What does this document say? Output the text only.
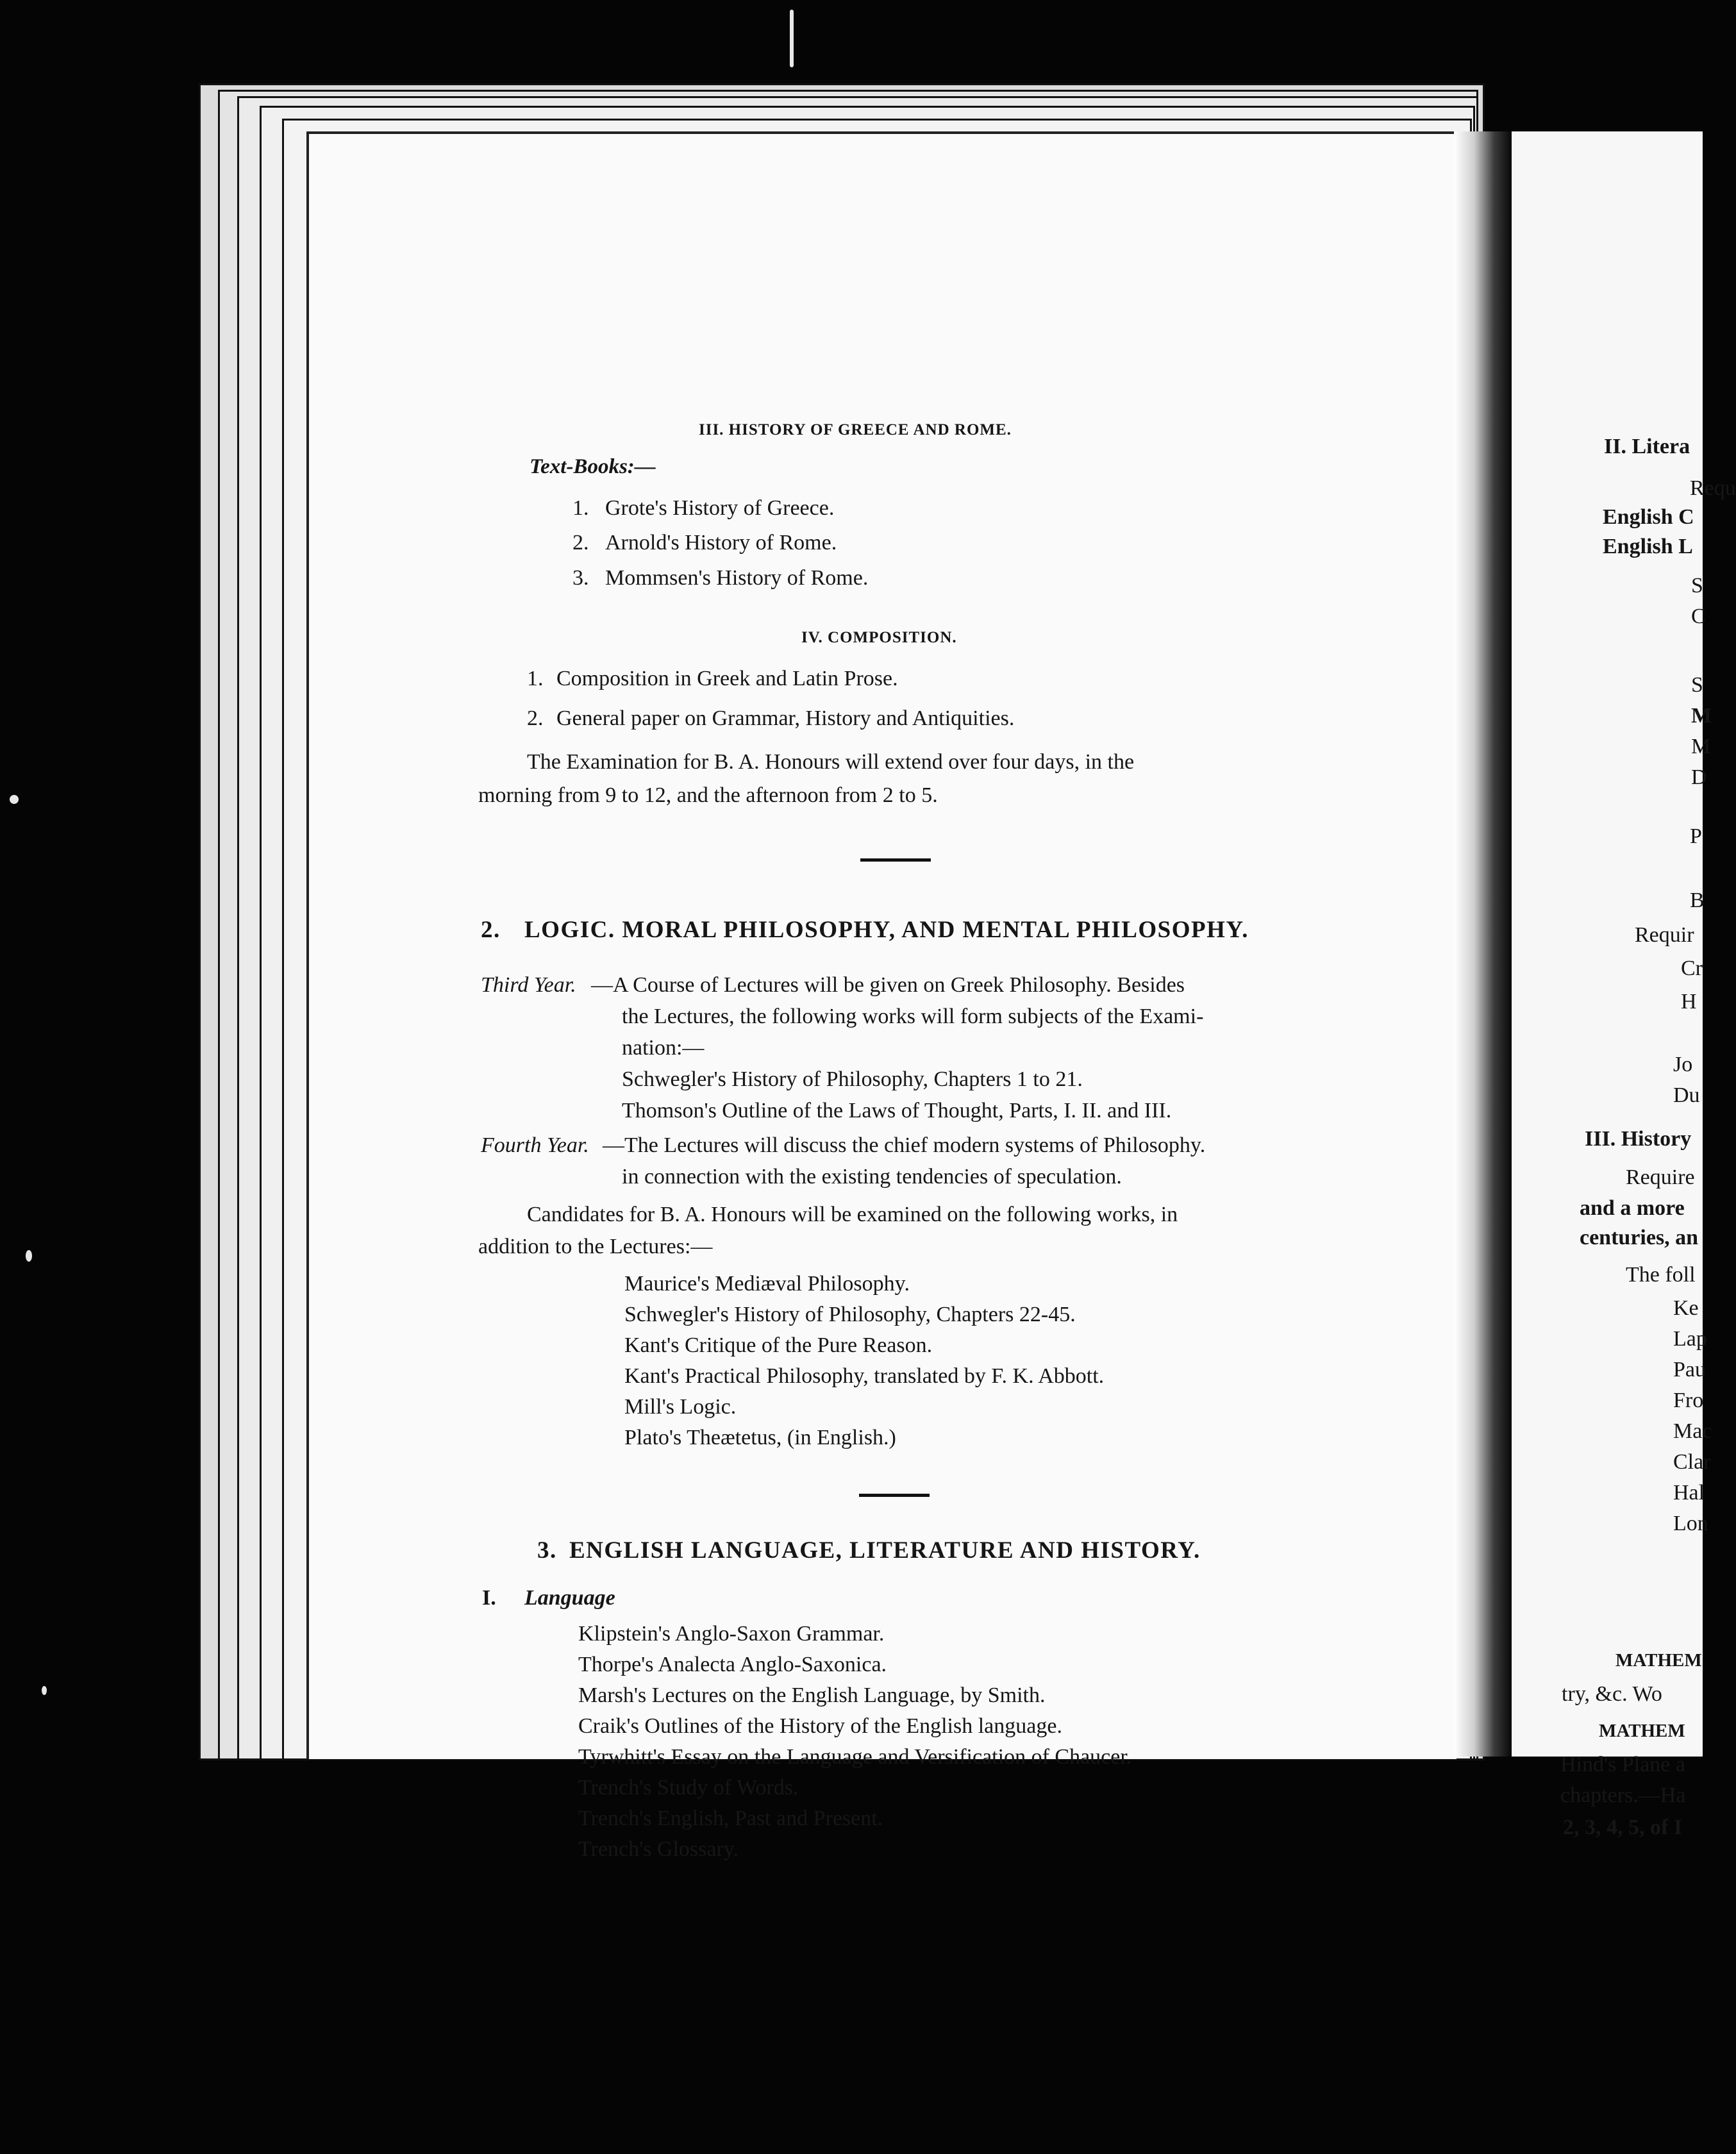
III. HISTORY OF GREECE AND ROME.
Text-Books:—
1. Grote's History of Greece.
2. Arnold's History of Rome.
3. Mommsen's History of Rome.
IV. COMPOSITION.
1. Composition in Greek and Latin Prose.
2. General paper on Grammar, History and Antiquities.
The Examination for B. A. Honours will extend over four days, in the
morning from 9 to 12, and the afternoon from 2 to 5.
2. LOGIC. MORAL PHILOSOPHY, AND MENTAL PHILOSOPHY.
Third Year. —A Course of Lectures will be given on Greek Philosophy. Besides
the Lectures, the following works will form subjects of the Exami-
nation:—
Schwegler's History of Philosophy, Chapters 1 to 21.
Thomson's Outline of the Laws of Thought, Parts, I. II. and III.
Fourth Year. —The Lectures will discuss the chief modern systems of Philosophy.
in connection with the existing tendencies of speculation.
Candidates for B. A. Honours will be examined on the following works, in
addition to the Lectures:—
Maurice's Mediæval Philosophy.
Schwegler's History of Philosophy, Chapters 22-45.
Kant's Critique of the Pure Reason.
Kant's Practical Philosophy, translated by F. K. Abbott.
Mill's Logic.
Plato's Theætetus, (in English.)
3. ENGLISH LANGUAGE, LITERATURE AND HISTORY.
I. Language
Klipstein's Anglo-Saxon Grammar.
Thorpe's Analecta Anglo-Saxonica.
Marsh's Lectures on the English Language, by Smith.
Craik's Outlines of the History of the English language.
Tyrwhitt's Essay on the Language and Versification of Chaucer.
Trench's Study of Words.
Trench's English, Past and Present.
Trench's Glossary.
II. Litera
Requ
English C
English L
S
C
S
M
M
D
P
B
Requir
Cr
H
Jo
Du
III. History
Require
and a more
centuries, an
The foll
Ke
Lap
Pau
Fro
Mac
Clar
Hal
Lon
MATHEM
try, &c. Wo
MATHEM
Hind's Plane a
chapters.—Ha
2, 3, 4, 5, of I
